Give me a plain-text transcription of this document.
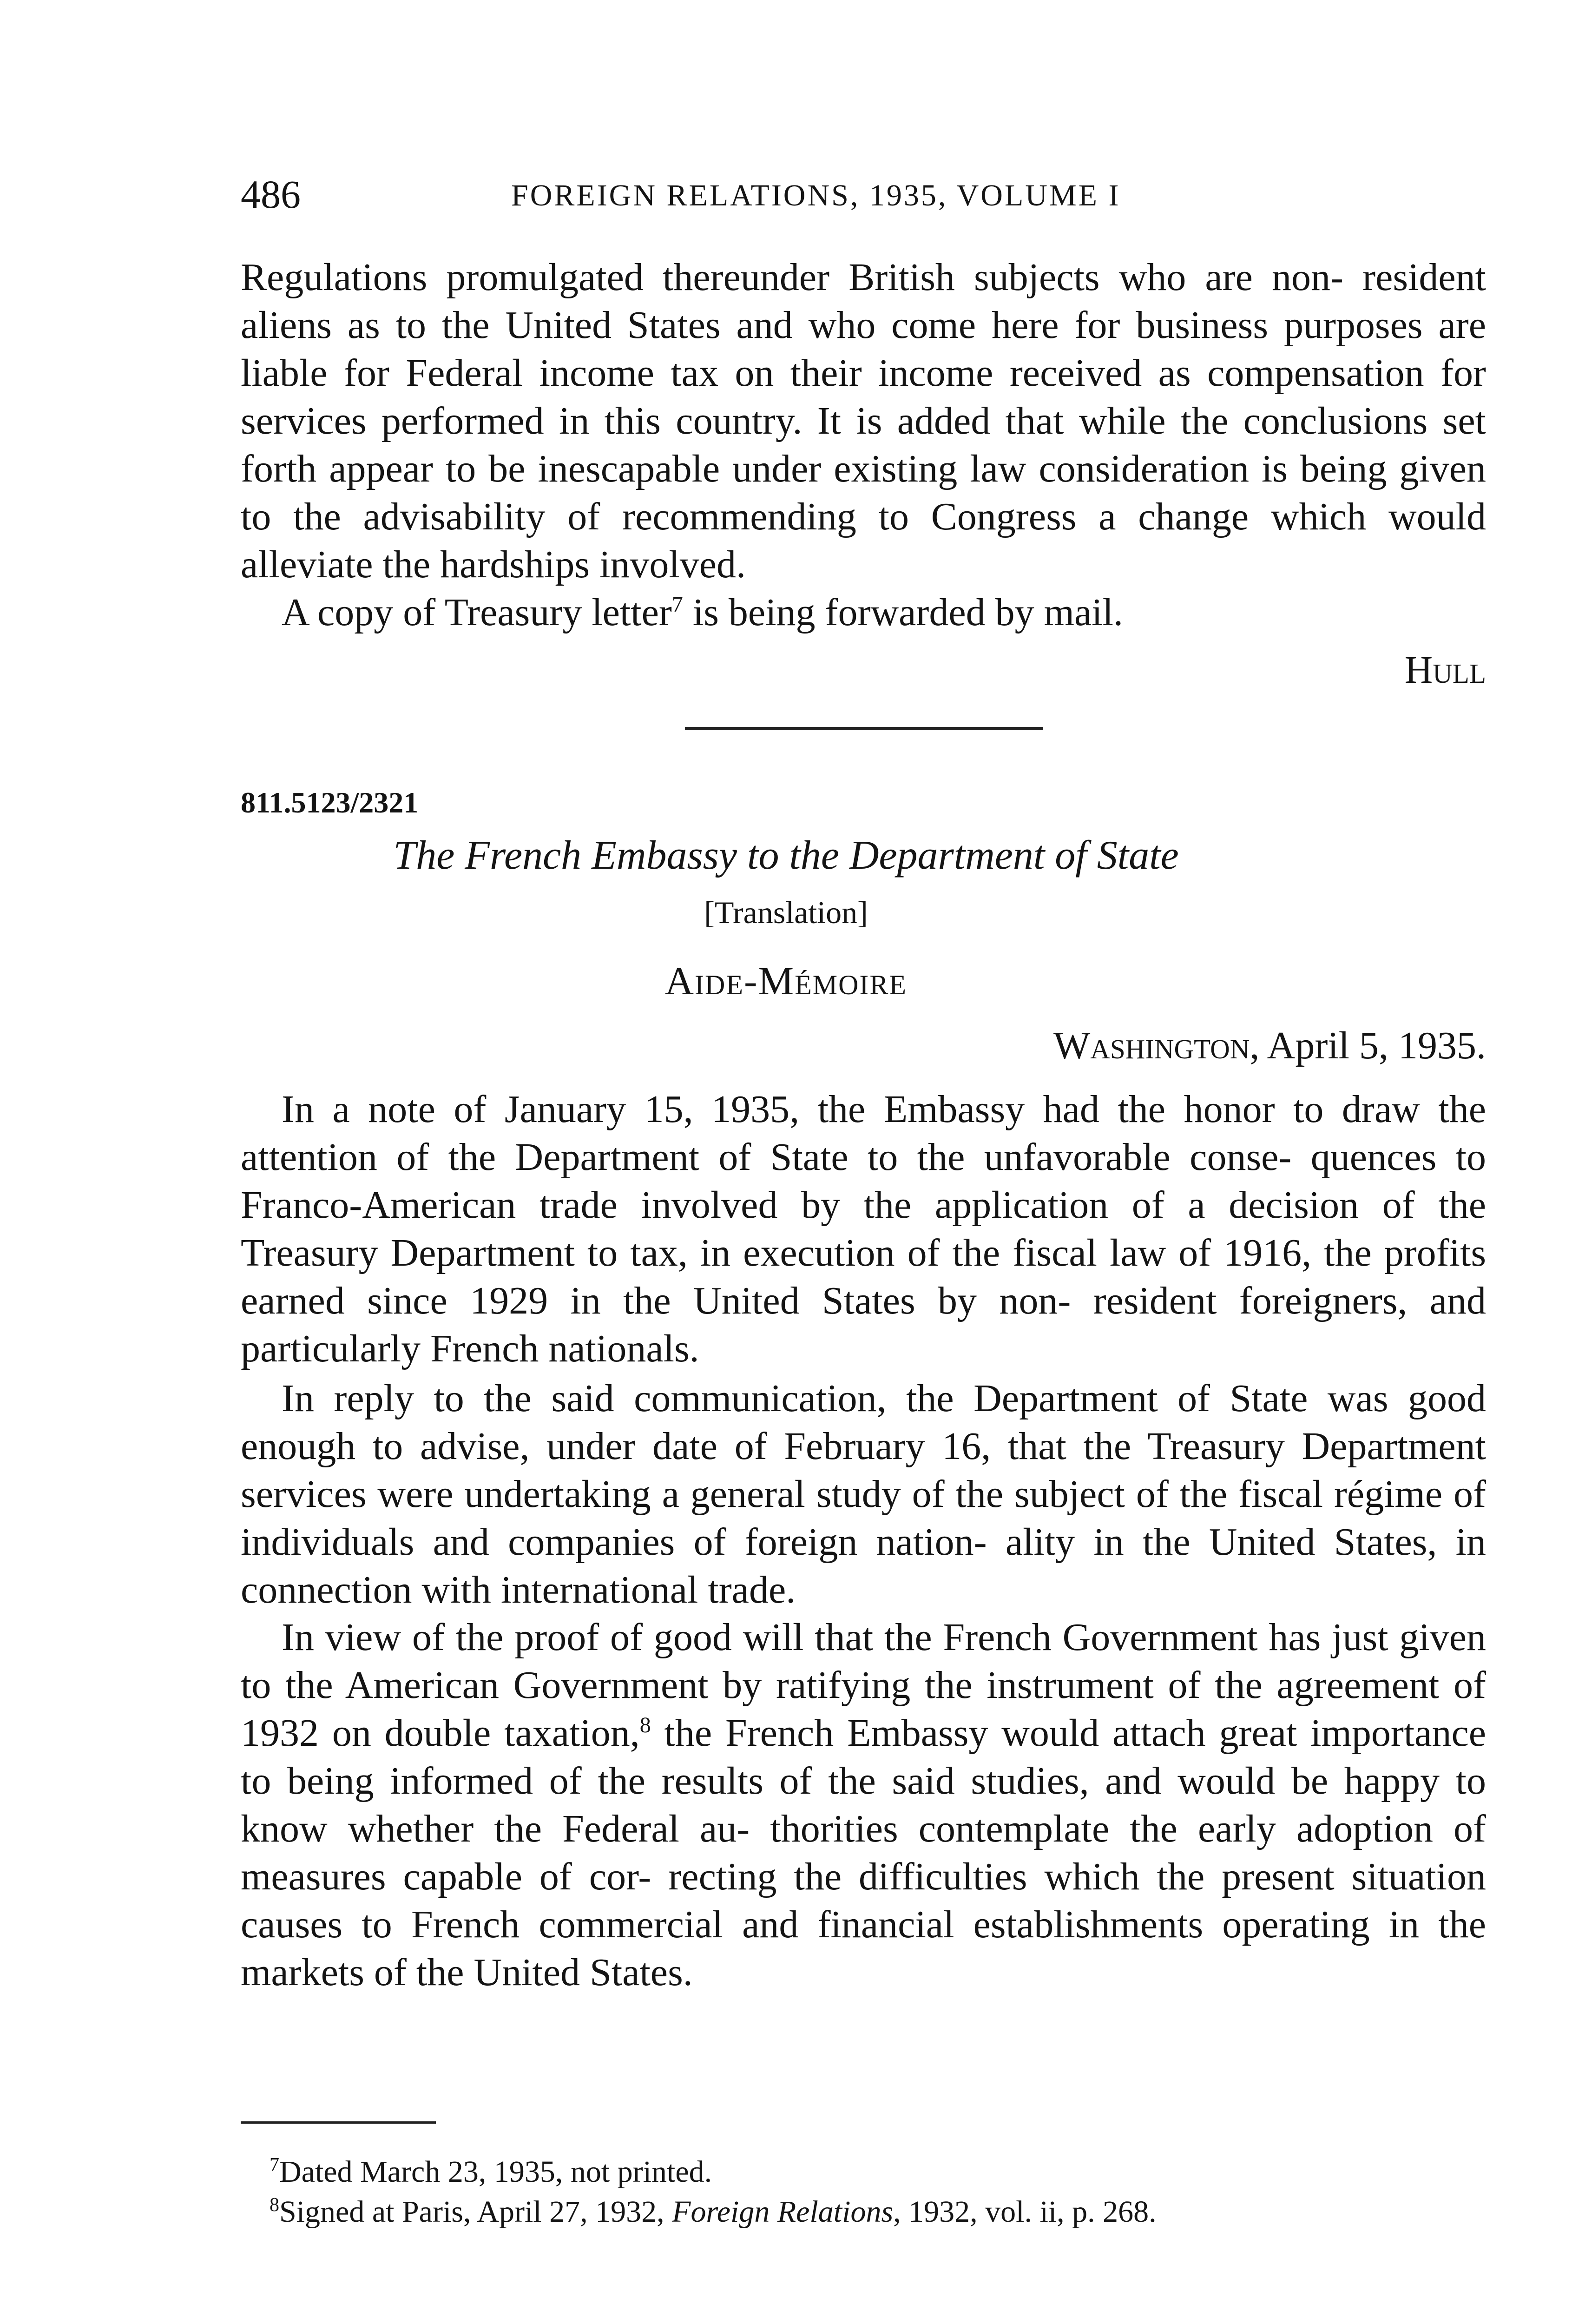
486	FOREIGN RELATIONS, 1935, VOLUME I

Regulations promulgated thereunder British subjects who are non- resident aliens as to the United States and who come here for business purposes are liable for Federal income tax on their income received as compensation for services performed in this country. It is added that while the conclusions set forth appear to be inescapable under existing law consideration is being given to the advisability of recommending to Congress a change which would alleviate the hardships involved.
A copy of Treasury letter$^7$ is being forwarded by mail.

Hull
811.5123/2321
The French Embassy to the Department of State
[Translation]
Aide-Mémoire
Washington, April 5, 1935.

In a note of January 15, 1935, the Embassy had the honor to draw the attention of the Department of State to the unfavorable conse- quences to Franco-American trade involved by the application of a decision of the Treasury Department to tax, in execution of the fiscal law of 1916, the profits earned since 1929 in the United States by non- resident foreigners, and particularly French nationals.

In reply to the said communication, the Department of State was good enough to advise, under date of February 16, that the Treasury Department services were undertaking a general study of the subject of the fiscal régime of individuals and companies of foreign nation- ality in the United States, in connection with international trade.

In view of the proof of good will that the French Government has just given to the American Government by ratifying the instrument of the agreement of 1932 on double taxation,$^8$ the French Embassy would attach great importance to being informed of the results of the said studies, and would be happy to know whether the Federal au- thorities contemplate the early adoption of measures capable of cor- recting the difficulties which the present situation causes to French commercial and financial establishments operating in the markets of the United States.

$^7$Dated March 23, 1935, not printed.

$^8$Signed at Paris, April 27, 1932, Foreign Relations, 1932, vol. ii, p. 268.
